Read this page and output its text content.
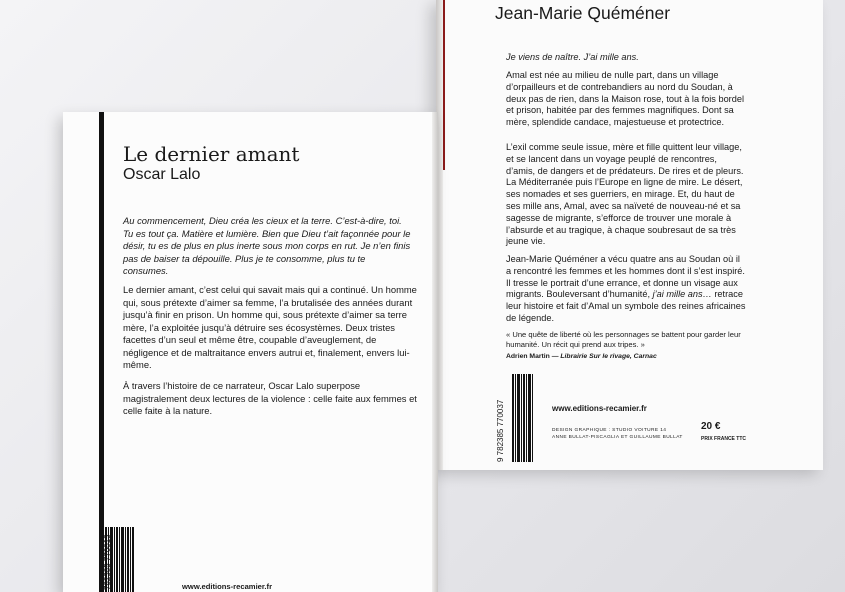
Jean-Marie Quéméner
Je viens de naître. J’ai mille ans.

Amal est née au milieu de nulle part, dans un village d’orpailleurs et de contrebandiers au nord du Soudan, à deux pas de rien, dans la Maison rose, tout à la fois bordel et prison, habitée par des femmes magnifiques. Dont sa mère, splendide candace, majestueuse et protectrice.

L’exil comme seule issue, mère et fille quittent leur village, et se lancent dans un voyage peuplé de rencontres, d’amis, de dangers et de prédateurs. De rires et de pleurs. La Méditerranée puis l’Europe en ligne de mire. Le désert, ses nomades et ses guerriers, en mirage. Et, du haut de ses mille ans, Amal, avec sa naïveté de nouveau-né et sa sagesse de migrante, s’efforce de trouver une morale à l’absurde et au tragique, à chaque soubresaut de sa très jeune vie.

Jean-Marie Quéméner a vécu quatre ans au Soudan où il a rencontré les femmes et les hommes dont il s’est inspiré. Il tresse le portrait d’une errance, et donne un visage aux migrants. Bouleversant d’humanité, j’ai mille ans… retrace leur histoire et fait d’Amal un symbole des reines africaines de légende.

« Une quête de liberté où les personnages se battent pour garder leur humanité. Un récit qui prend aux tripes. »
Adrien Martin — Librairie Sur le rivage, Carnac
9 782385 770037	www.editions-recamier.fr
DESIGN GRAPHIQUE : STUDIO VOITURE 14
ANNE BULLAT-PISCAGLIA ET GUILLAUME BULLAT
20 €
PRIX FRANCE TTC
Le dernier amant
Oscar Lalo

Au commencement, Dieu créa les cieux et la terre. C’est-à-dire, toi. Tu es tout ça. Matière et lumière. Bien que Dieu t’ait façonnée pour le désir, tu es de plus en plus inerte sous mon corps en rut. Je n’en finis pas de baiser ta dépouille. Plus je te consomme, plus tu te consumes.

Le dernier amant, c’est celui qui savait mais qui a continué. Un homme qui, sous prétexte d’aimer sa femme, l’a brutalisée des années durant jusqu’à finir en prison. Un homme qui, sous prétexte d’aimer sa terre mère, l’a exploitée jusqu’à détruire ses écosystèmes. Deux tristes facettes d’un seul et même être, coupable d’aveuglement, de négligence et de maltraitance envers autrui et, finalement, envers lui-même.

À travers l’histoire de ce narrateur, Oscar Lalo superpose magistralement deux lectures de la violence : celle faite aux femmes et celle faite à la nature.

782385 770013	www.editions-recamier.fr
